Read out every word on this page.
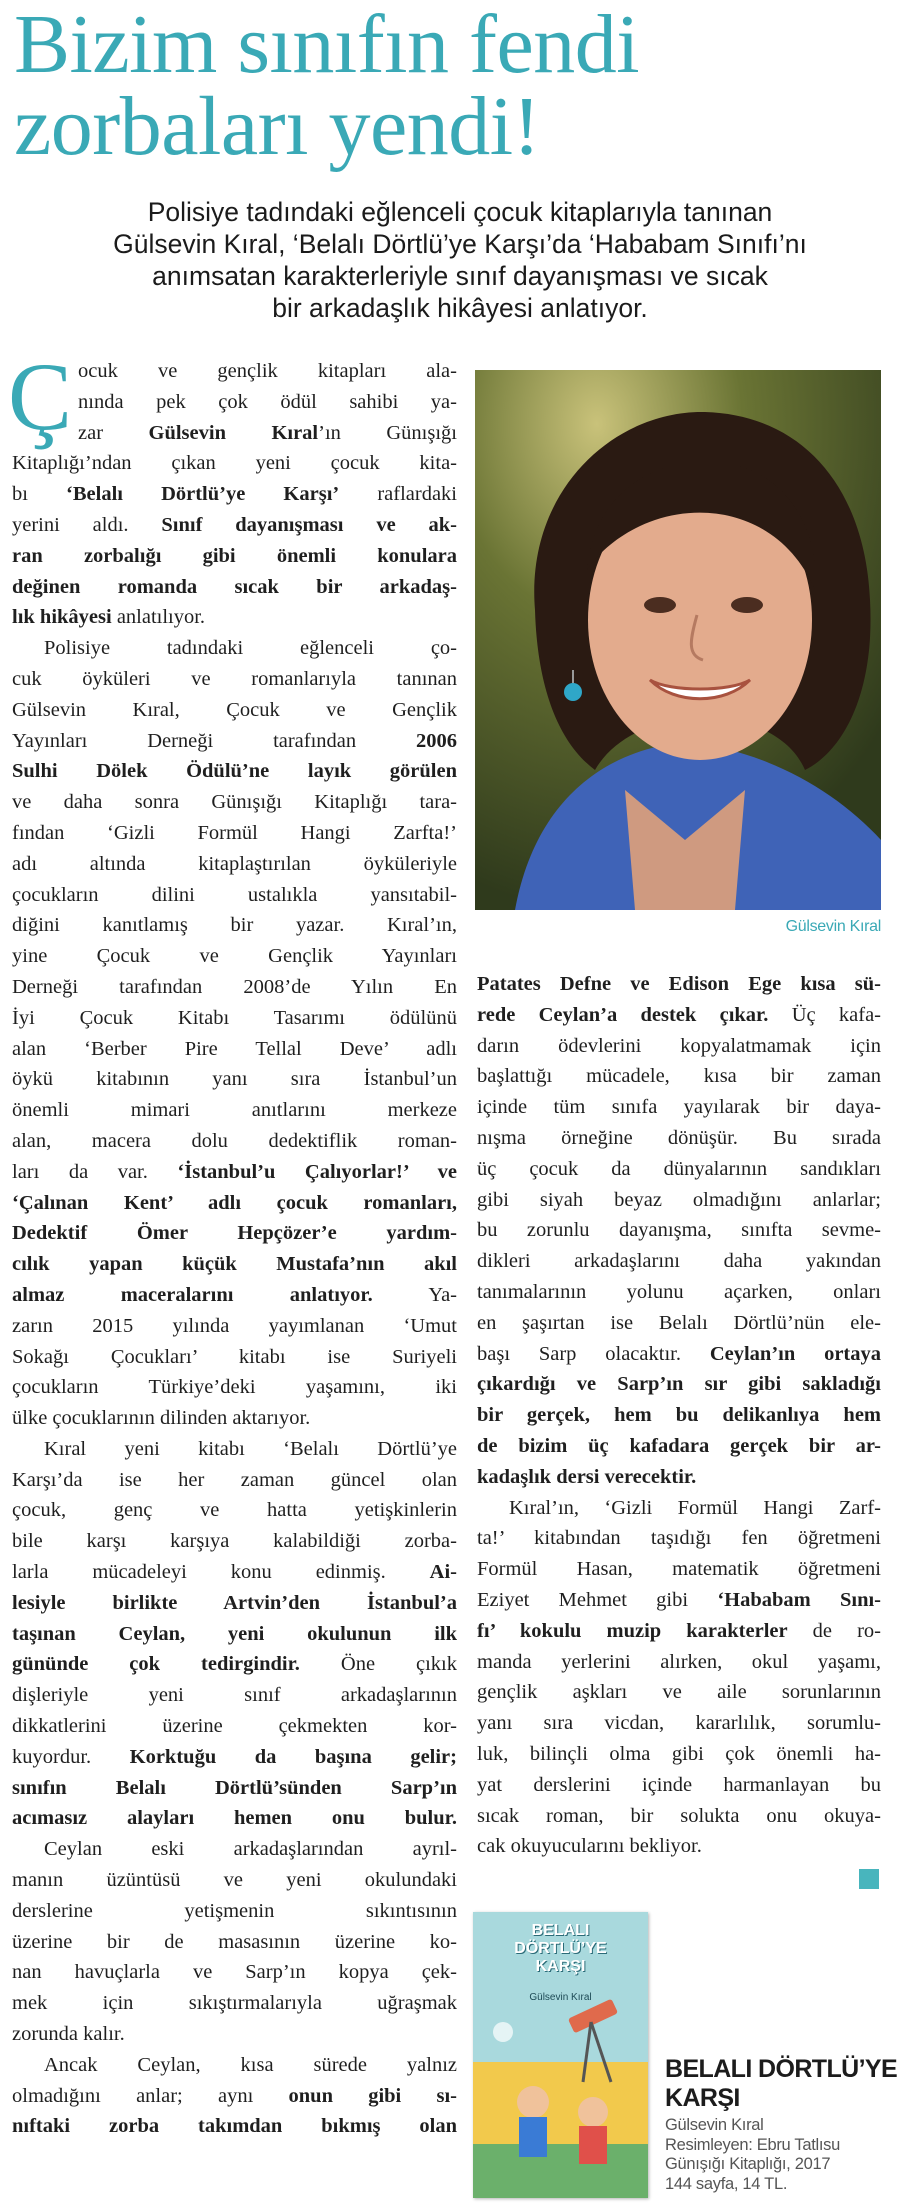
Bizim sınıfın fendi
zorbaları yendi!
Polisiye tadındaki eğlenceli çocuk kitaplarıyla tanınan
Gülsevin Kıral, ‘Belalı Dörtlü’ye Karşı’da ‘Hababam Sınıfı’nı
anımsatan karakterleriyle sınıf dayanışması ve sıcak
bir arkadaşlık hikâyesi anlatıyor.
Ç ocuk ve gençlik kitapları ala-
nında pek çok ödül sahibi ya-
zar Gülsevin Kıral’ın Günışığı
Kitaplığı’ndan çıkan yeni çocuk kita-
bı ‘Belalı Dörtlü’ye Karşı’ raflardaki
yerini aldı. Sınıf dayanışması ve ak-
ran zorbalığı gibi önemli konulara
değinen romanda sıcak bir arkadaş-
lık hikâyesi anlatılıyor.
Polisiye tadındaki eğlenceli ço-
cuk öyküleri ve romanlarıyla tanınan
Gülsevin Kıral, Çocuk ve Gençlik
Yayınları Derneği tarafından 2006
Sulhi Dölek Ödülü’ne layık görülen
ve daha sonra Günışığı Kitaplığı tara-
fından ‘Gizli Formül Hangi Zarfta!’
adı altında kitaplaştırılan öyküleriyle
çocukların dilini ustalıkla yansıtabil-
diğini kanıtlamış bir yazar. Kıral’ın,
yine Çocuk ve Gençlik Yayınları
Derneği tarafından 2008’de Yılın En
İyi Çocuk Kitabı Tasarımı ödülünü
alan ‘Berber Pire Tellal Deve’ adlı
öykü kitabının yanı sıra İstanbul’un
önemli mimari anıtlarını merkeze
alan, macera dolu dedektiflik roman-
ları da var. ‘İstanbul’u Çalıyorlar!’ ve
‘Çalınan Kent’ adlı çocuk romanları,
Dedektif Ömer Hepçözer’e yardım-
cılık yapan küçük Mustafa’nın akıl
almaz maceralarını anlatıyor. Ya-
zarın 2015 yılında yayımlanan ‘Umut
Sokağı Çocukları’ kitabı ise Suriyeli
çocukların Türkiye’deki yaşamını, iki
ülke çocuklarının dilinden aktarıyor.
Kıral yeni kitabı ‘Belalı Dörtlü’ye
Karşı’da ise her zaman güncel olan
çocuk, genç ve hatta yetişkinlerin
bile karşı karşıya kalabildiği zorba-
larla mücadeleyi konu edinmiş. Ai-
lesiyle birlikte Artvin’den İstanbul’a
taşınan Ceylan, yeni okulunun ilk
gününde çok tedirgindir. Öne çıkık
dişleriyle yeni sınıf arkadaşlarının
dikkatlerini üzerine çekmekten kor-
kuyordur. Korktuğu da başına gelir;
sınıfın Belalı Dörtlü’sünden Sarp’ın
acımasız alayları hemen onu bulur.
Ceylan eski arkadaşlarından ayrıl-
manın üzüntüsü ve yeni okulundaki
derslerine yetişmenin sıkıntısının
üzerine bir de masasının üzerine ko-
nan havuçlarla ve Sarp’ın kopya çek-
mek için sıkıştırmalarıyla uğraşmak
zorunda kalır.
Ancak Ceylan, kısa sürede yalnız
olmadığını anlar; aynı onun gibi sı-
nıftaki zorba takımdan bıkmış olan
Gülsevin Kıral
Patates Defne ve Edison Ege kısa sü-
rede Ceylan’a destek çıkar. Üç kafa-
darın ödevlerini kopyalatmamak için
başlattığı mücadele, kısa bir zaman
içinde tüm sınıfa yayılarak bir daya-
nışma örneğine dönüşür. Bu sırada
üç çocuk da dünyalarının sandıkları
gibi siyah beyaz olmadığını anlarlar;
bu zorunlu dayanışma, sınıfta sevme-
dikleri arkadaşlarını daha yakından
tanımalarının yolunu açarken, onları
en şaşırtan ise Belalı Dörtlü’nün ele-
başı Sarp olacaktır. Ceylan’ın ortaya
çıkardığı ve Sarp’ın sır gibi sakladığı
bir gerçek, hem bu delikanlıya hem
de bizim üç kafadara gerçek bir ar-
kadaşlık dersi verecektir.
Kıral’ın, ‘Gizli Formül Hangi Zarf-
ta!’ kitabından taşıdığı fen öğretmeni
Formül Hasan, matematik öğretmeni
Eziyet Mehmet gibi ‘Hababam Sını-
fı’ kokulu muzip karakterler de ro-
manda yerlerini alırken, okul yaşamı,
gençlik aşkları ve aile sorunlarının
yanı sıra vicdan, kararlılık, sorumlu-
luk, bilinçli olma gibi çok önemli ha-
yat derslerini içinde harmanlayan bu
sıcak roman, bir solukta onu okuya-
cak okuyucularını bekliyor.
BELALI
DÖRTLÜ’YE
KARŞI
Gülsevin Kıral
BELALI DÖRTLÜ’YE
KARŞI
Gülsevin Kıral
Resimleyen: Ebru Tatlısu
Günışığı Kitaplığı, 2017
144 sayfa, 14 TL.
